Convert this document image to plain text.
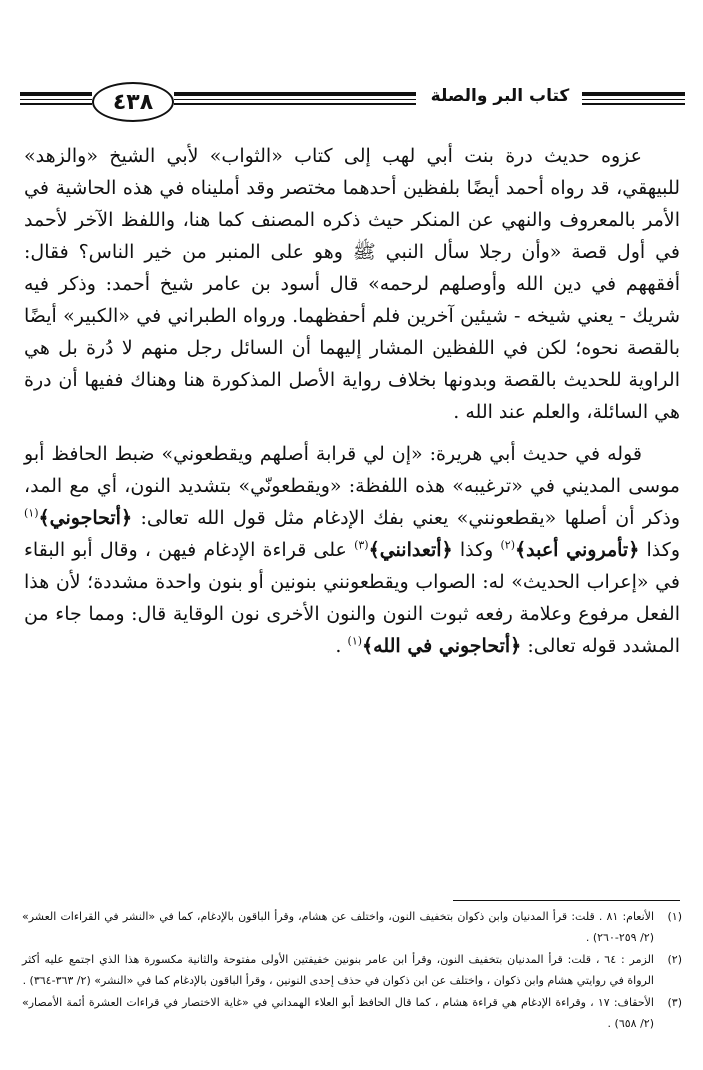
٤٣٨	كتاب البر والصلة

عزوه حديث درة بنت أبي لهب إلى كتاب «الثواب» لأبي الشيخ «والزهد» للبيهقي، قد رواه أحمد أيضًا بلفظين أحدهما مختصر وقد أمليناه في هذه الحاشية في الأمر بالمعروف والنهي عن المنكر حيث ذكره المصنف كما هنا، واللفظ الآخر لأحمد في أول قصة «وأن رجلا سأل النبي ﷺ وهو على المنبر من خير الناس؟ فقال: أفقههم في دين الله وأوصلهم لرحمه» قال أسود بن عامر شيخ أحمد: وذكر فيه شريك - يعني شيخه - شيئين آخرين فلم أحفظهما. ورواه الطبراني في «الكبير» أيضًا بالقصة نحوه؛ لكن في اللفظين المشار إليهما أن السائل رجل منهم لا دُرة بل هي الراوية للحديث بالقصة وبدونها بخلاف رواية الأصل المذكورة هنا وهناك ففيها أن درة هي السائلة، والعلم عند الله .

قوله في حديث أبي هريرة: «إن لي قرابة أصلهم ويقطعوني» ضبط الحافظ أبو موسى المديني في «ترغيبه» هذه اللفظة: «ويقطعونّي» بتشديد النون، أي مع المد، وذكر أن أصلها «يقطعونني» يعني بفك الإدغام مثل قول الله تعالى: ﴿أتحاجوني﴾$^{(١)}$ وكذا ﴿تأمروني أعبد﴾$^{(٢)}$ وكذا ﴿أتعدانني﴾$^{(٣)}$ على قراءة الإدغام فيهن ، وقال أبو البقاء في «إعراب الحديث» له: الصواب ويقطعونني بنونين أو بنون واحدة مشددة؛ لأن هذا الفعل مرفوع وعلامة رفعه ثبوت النون والنون الأخرى نون الوقاية قال: ومما جاء من المشدد قوله تعالى: ﴿أتحاجوني في الله﴾$^{(١)}$ .

(١)
الأنعام: ٨١ . قلت: قرأ المدنيان وابن ذكوان بتخفيف النون، واختلف عن هشام، وقرأ الباقون بالإدغام، كما في «النشر في القراءات العشر» (٢/ ٢٥٩-٢٦٠) .
(٢)
الزمر : ٦٤ ، قلت: قرأ المدنيان بتخفيف النون، وقرأ ابن عامر بنونين خفيفتين الأولى مفتوحة والثانية مكسورة هذا الذي اجتمع عليه أكثر الرواة في روايتي هشام وابن ذكوان ، واختلف عن ابن ذكوان في حذف إحدى النونين ، وقرأ الباقون بالإدغام كما في «النشر» (٢/ ٣٦٣-٣٦٤) .
(٣)
الأحقاف: ١٧ ، وقراءة الإدغام هي قراءة هشام ، كما قال الحافظ أبو العلاء الهمداني في «غاية الاختصار في قراءات العشرة أئمة الأمصار» (٢/ ٦٥٨) .
